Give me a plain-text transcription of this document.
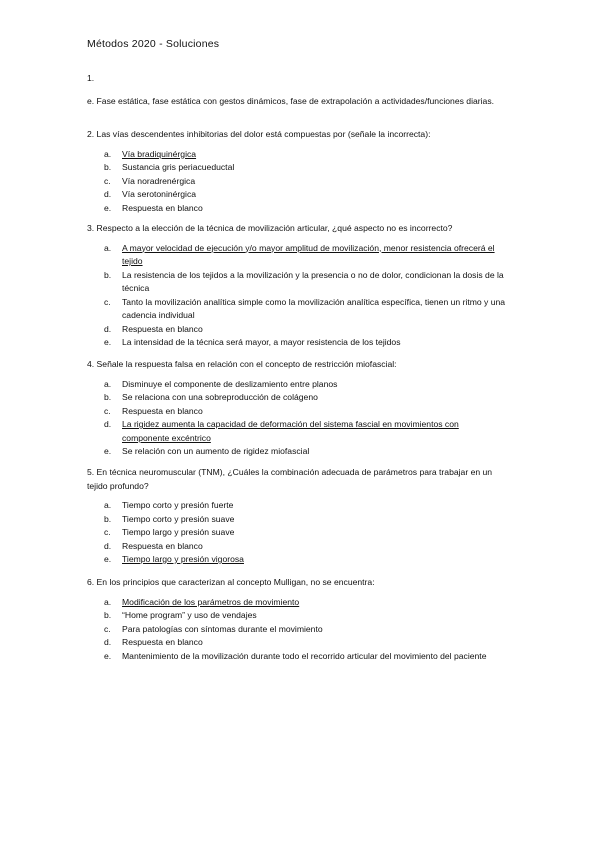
Métodos 2020 - Soluciones
1.
e. Fase estática, fase estática con gestos dinámicos, fase de extrapolación a actividades/funciones diarias.
2. Las vías descendentes inhibitorias del dolor está compuestas por (señale la incorrecta):
a.	Vía bradiquinérgica
b.	Sustancia gris periacueductal
c.	Vía noradrenérgica
d.	Vía serotoninérgica
e.	Respuesta en blanco
3. Respecto a la elección de la técnica de movilización articular, ¿qué aspecto no es incorrecto?
a.	A mayor velocidad de ejecución y/o mayor amplitud de movilización, menor resistencia ofrecerá el tejido
b.	La resistencia de los tejidos a la movilización y la presencia o no de dolor, condicionan la dosis de la técnica
c.	Tanto la movilización analítica simple como la movilización analítica específica, tienen un ritmo y una cadencia individual
d.	Respuesta en blanco
e.	La intensidad de la técnica será mayor, a mayor resistencia de los tejidos
4. Señale la respuesta falsa en relación con el concepto de restricción miofascial:
a.	Disminuye el componente de deslizamiento entre planos
b.	Se relaciona con una sobreproducción de colágeno
c.	Respuesta en blanco
d.	La rigidez aumenta la capacidad de deformación del sistema fascial en movimientos con componente excéntrico
e.	Se relación con un aumento de rigidez miofascial
5. En técnica neuromuscular (TNM), ¿Cuáles la combinación adecuada de parámetros para trabajar en un tejido profundo?
a.	Tiempo corto y presión fuerte
b.	Tiempo corto y presión suave
c.	Tiempo largo y presión suave
d.	Respuesta en blanco
e.	Tiempo largo y presión vigorosa
6. En los principios que caracterizan al concepto Mulligan, no se encuentra:
a.	Modificación de los parámetros de movimiento
b.	“Home program” y uso de vendajes
c.	Para patologías con síntomas durante el movimiento
d.	Respuesta en blanco
e.	Mantenimiento de la movilización durante todo el recorrido articular del movimiento del paciente
